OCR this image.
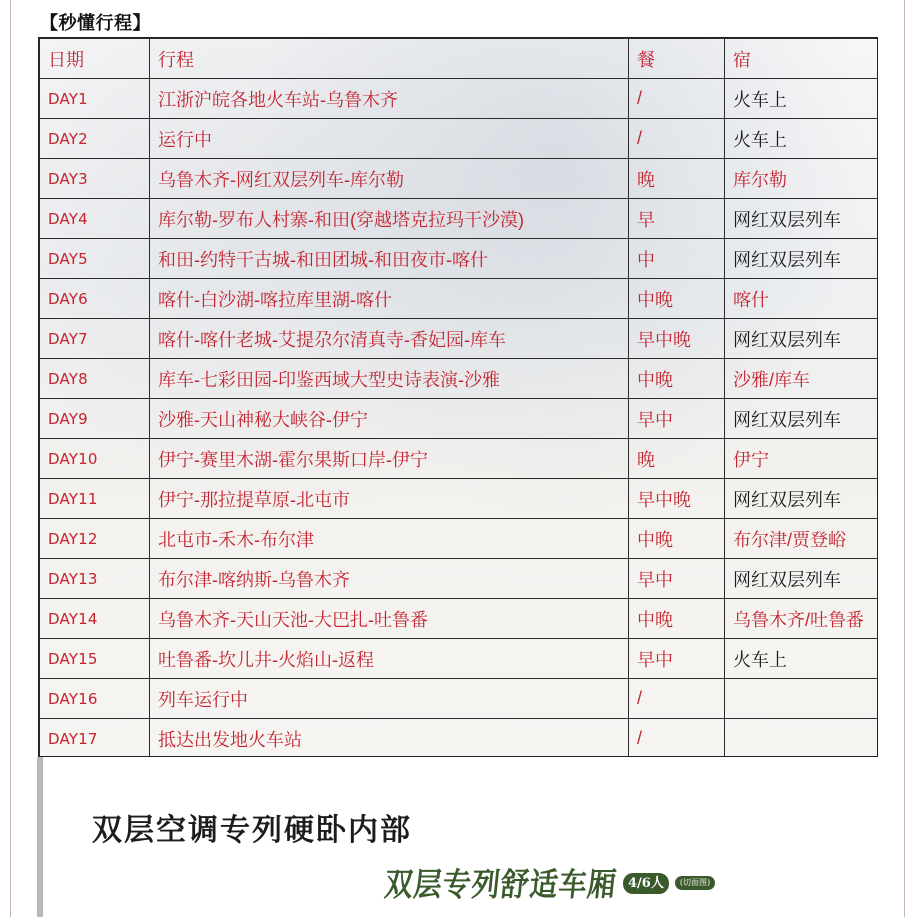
【秒懂行程】
日期	行程	餐	宿
DAY1	江浙沪皖各地火车站-乌鲁木齐	/	火车上
DAY2	运行中	/	火车上
DAY3	乌鲁木齐-网红双层列车-库尔勒	晚	库尔勒
DAY4	库尔勒-罗布人村寨-和田(穿越塔克拉玛干沙漠)	早	网红双层列车
DAY5	和田-约特干古城-和田团城-和田夜市-喀什	中	网红双层列车
DAY6	喀什-白沙湖-喀拉库里湖-喀什	中晚	喀什
DAY7	喀什-喀什老城-艾提尕尔清真寺-香妃园-库车	早中晚	网红双层列车
DAY8	库车-七彩田园-印鉴西域大型史诗表演-沙雅	中晚	沙雅/库车
DAY9	沙雅-天山神秘大峡谷-伊宁	早中	网红双层列车
DAY10	伊宁-赛里木湖-霍尔果斯口岸-伊宁	晚	伊宁
DAY11	伊宁-那拉提草原-北屯市	早中晚	网红双层列车
DAY12	北屯市-禾木-布尔津	中晚	布尔津/贾登峪
DAY13	布尔津-喀纳斯-乌鲁木齐	早中	网红双层列车
DAY14	乌鲁木齐-天山天池-大巴扎-吐鲁番	中晚	乌鲁木齐/吐鲁番
DAY15	吐鲁番-坎儿井-火焰山-返程	早中	火车上
DAY16	列车运行中	/	
DAY17	抵达出发地火车站	/	
双层空调专列硬卧内部
双层专列舒适车厢 4/6人	(切面图)
